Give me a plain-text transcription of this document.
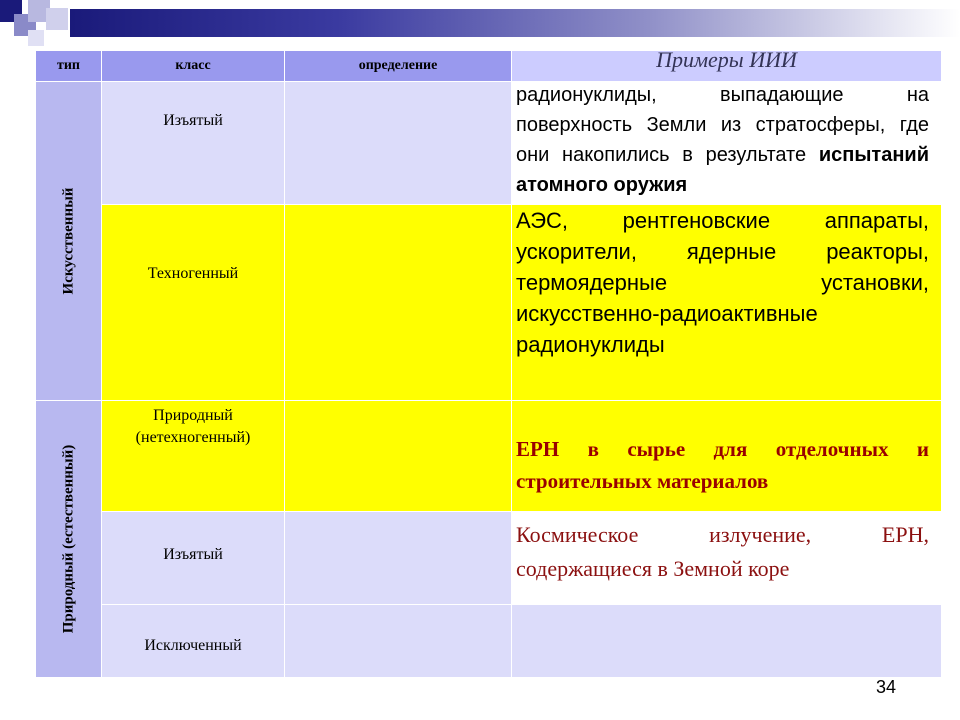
тип	класс	определение	Примеры ИИИ

Искусственный	Изъятый		радионуклиды, выпадающие на поверхность Земли из стратосферы, где они накопились в результате испытаний атомного оружия

	Техногенный		АЭС, рентгеновские аппараты, ускорители, ядерные реакторы, термоядерные установки, искусственно-радиоактивные радионуклиды

Природный (естественный)	Природный (нетехногенный)		ЕРН в сырье для отделочных и строительных материалов

	Изъятый		Космическое излучение, ЕРН, содержащиеся в Земной коре

	Исключенный		

34
